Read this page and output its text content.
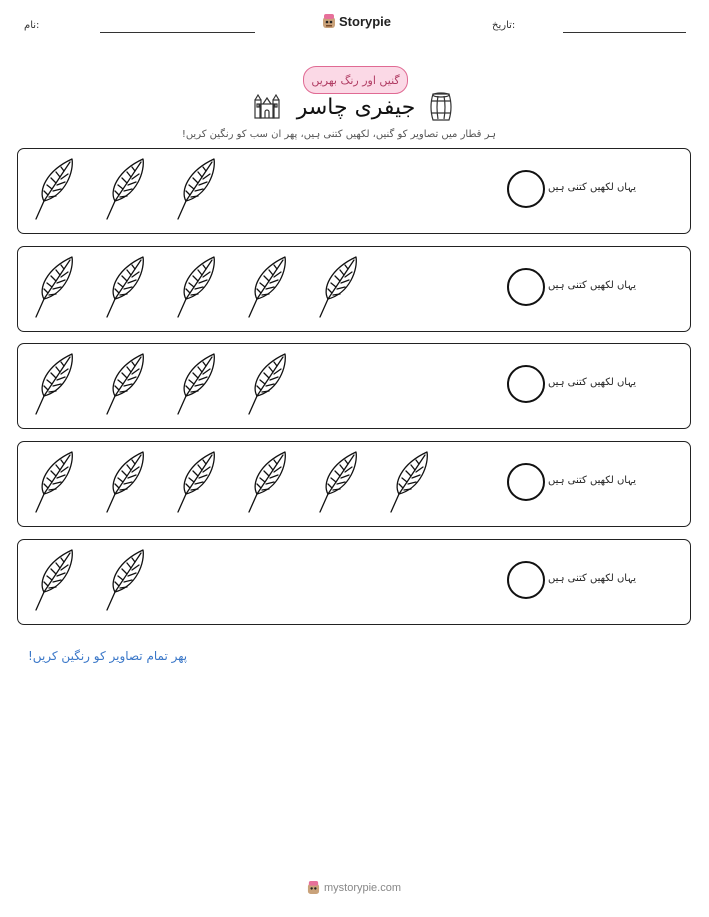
نام:	Storypie	تاریخ:
گنیں اور رنگ بھریں
جیفری چاسر
ہر قطار میں تصاویر کو گنیں، لکھیں کتنی ہیں، پھر ان سب کو رنگین کریں!
یہاں لکھیں کتنی ہیں
یہاں لکھیں کتنی ہیں
یہاں لکھیں کتنی ہیں
یہاں لکھیں کتنی ہیں
یہاں لکھیں کتنی ہیں
پھر تمام تصاویر کو رنگین کریں!
mystorypie.com
